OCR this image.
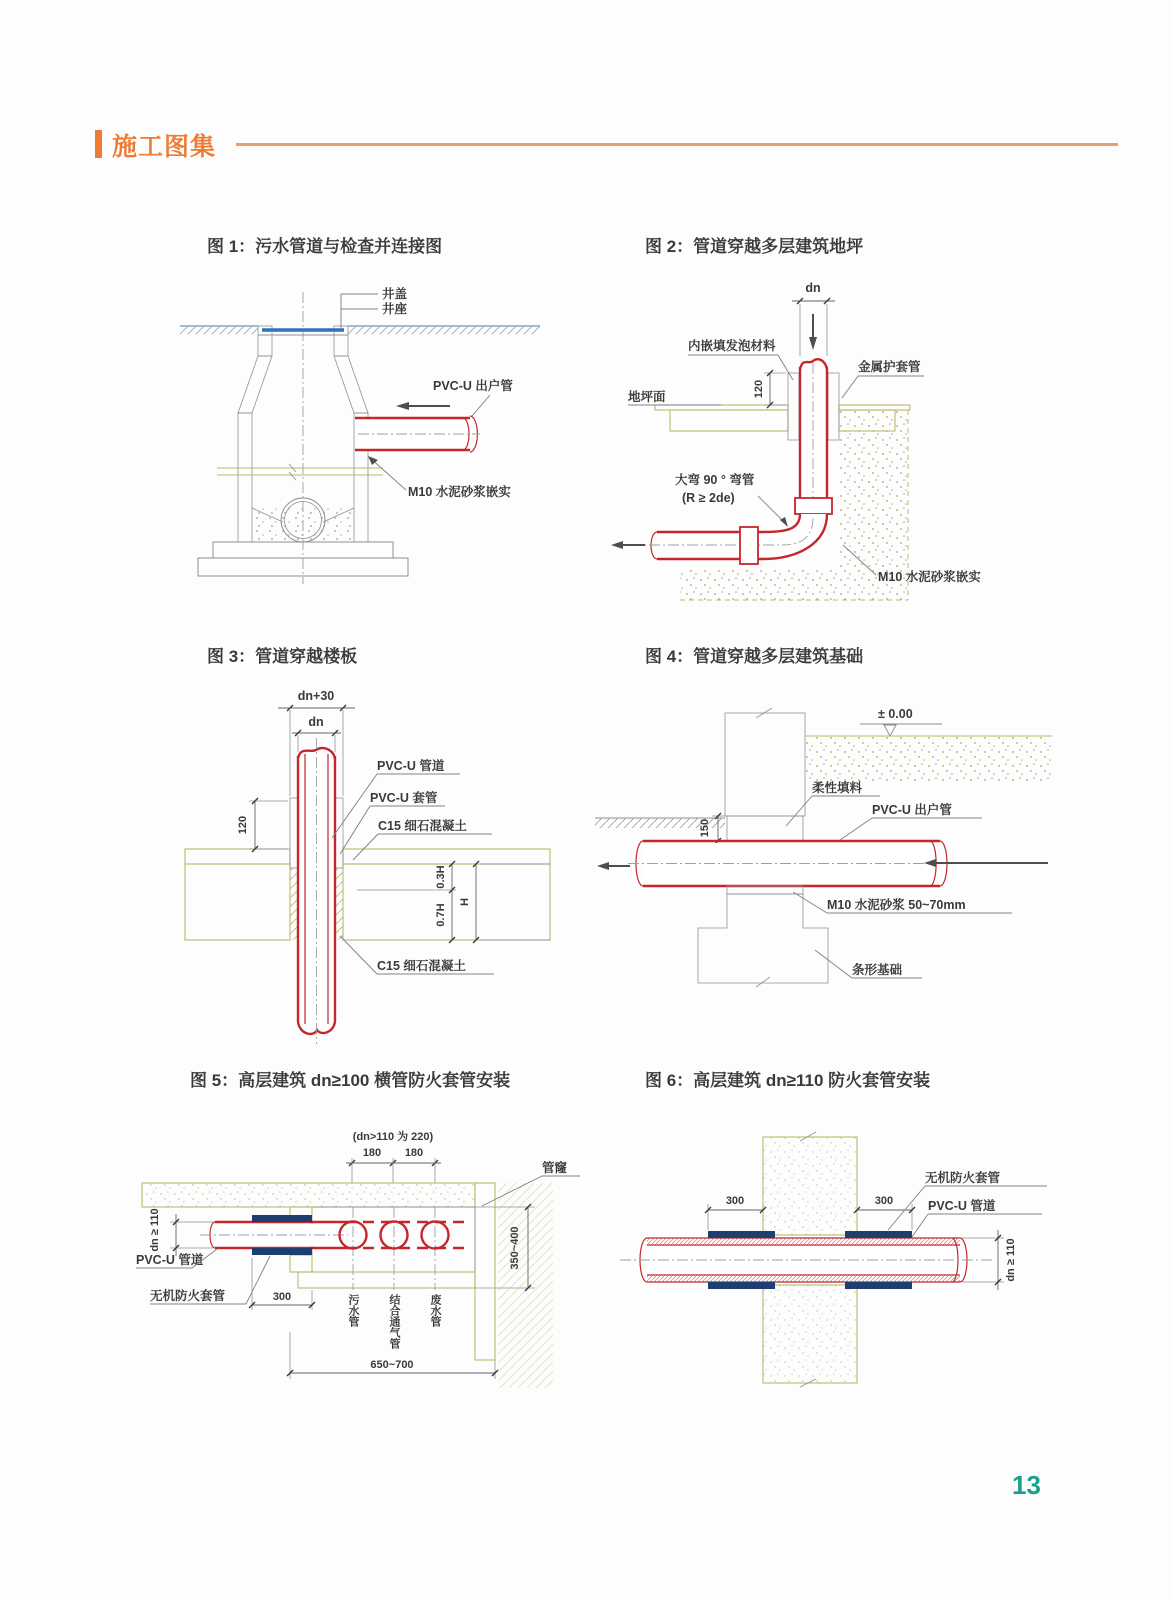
施工图集
图 1：污水管道与检查并连接图	图 2：管道穿越多层建筑地坪
图 3：管道穿越楼板	图 4：管道穿越多层建筑基础
图 5：高层建筑 dn≥100 横管防火套管安装	图 6：高层建筑 dn≥110 防火套管安装
井盖
井座
PVC-U 出户管
M10 水泥砂浆嵌实
dn
120
内嵌填发泡材料
金属护套管
地坪面
大弯 90 ° 弯管
(R ≥ 2de)
M10 水泥砂浆嵌实
dn+30
dn
120
0.3H
0.7H
H
PVC-U 管道
PVC-U 套管
C15 细石混凝土
C15 细石混凝土
± 0.00
150
柔性填料
PVC-U 出户管
M10 水泥砂浆 50~70mm
条形基础
(dn>110 为 220)
180 180
dn ≥ 110
PVC-U 管道
无机防火套管	300
管窿
污水管	结合通气管	废水管
650~700
350~400
300	300
无机防火套管
PVC-U 管道
dn ≥ 110
13
